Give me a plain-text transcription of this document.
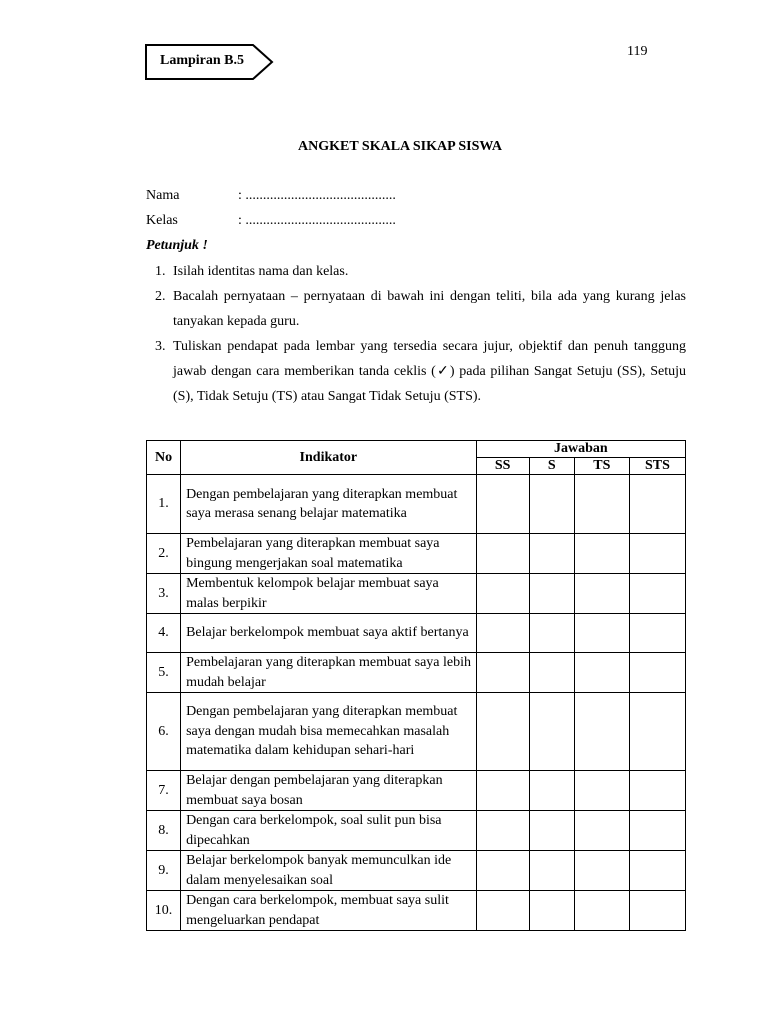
119
Lampiran B.5
ANGKET SKALA SIKAP SISWA
Nama	: ...........................................
Kelas	: ...........................................
Petunjuk !
1. Isilah identitas nama dan kelas.
2. Bacalah pernyataan – pernyataan di bawah ini dengan teliti, bila ada yang kurang jelas tanyakan kepada guru.
3. Tuliskan pendapat pada lembar yang tersedia secara jujur, objektif dan penuh tanggung jawab dengan cara memberikan tanda ceklis (✓) pada pilihan Sangat Setuju (SS), Setuju (S), Tidak Setuju (TS) atau Sangat Tidak Setuju (STS).
No	Indikator	Jawaban			
		SS	S	TS	STS
1.	Dengan pembelajaran yang diterapkan membuat saya merasa senang belajar matematika				
2.	Pembelajaran yang diterapkan membuat saya bingung mengerjakan soal matematika				
3.	Membentuk kelompok belajar membuat saya malas berpikir				
4.	Belajar berkelompok membuat saya aktif bertanya				
5.	Pembelajaran yang diterapkan membuat saya lebih mudah belajar				
6.	Dengan pembelajaran yang diterapkan membuat saya dengan mudah bisa memecahkan masalah matematika dalam kehidupan sehari-hari				
7.	Belajar dengan pembelajaran yang diterapkan membuat saya bosan				
8.	Dengan cara berkelompok, soal sulit pun bisa dipecahkan				
9.	Belajar berkelompok banyak memunculkan ide dalam menyelesaikan soal				
10.	Dengan cara berkelompok, membuat saya sulit mengeluarkan pendapat				
